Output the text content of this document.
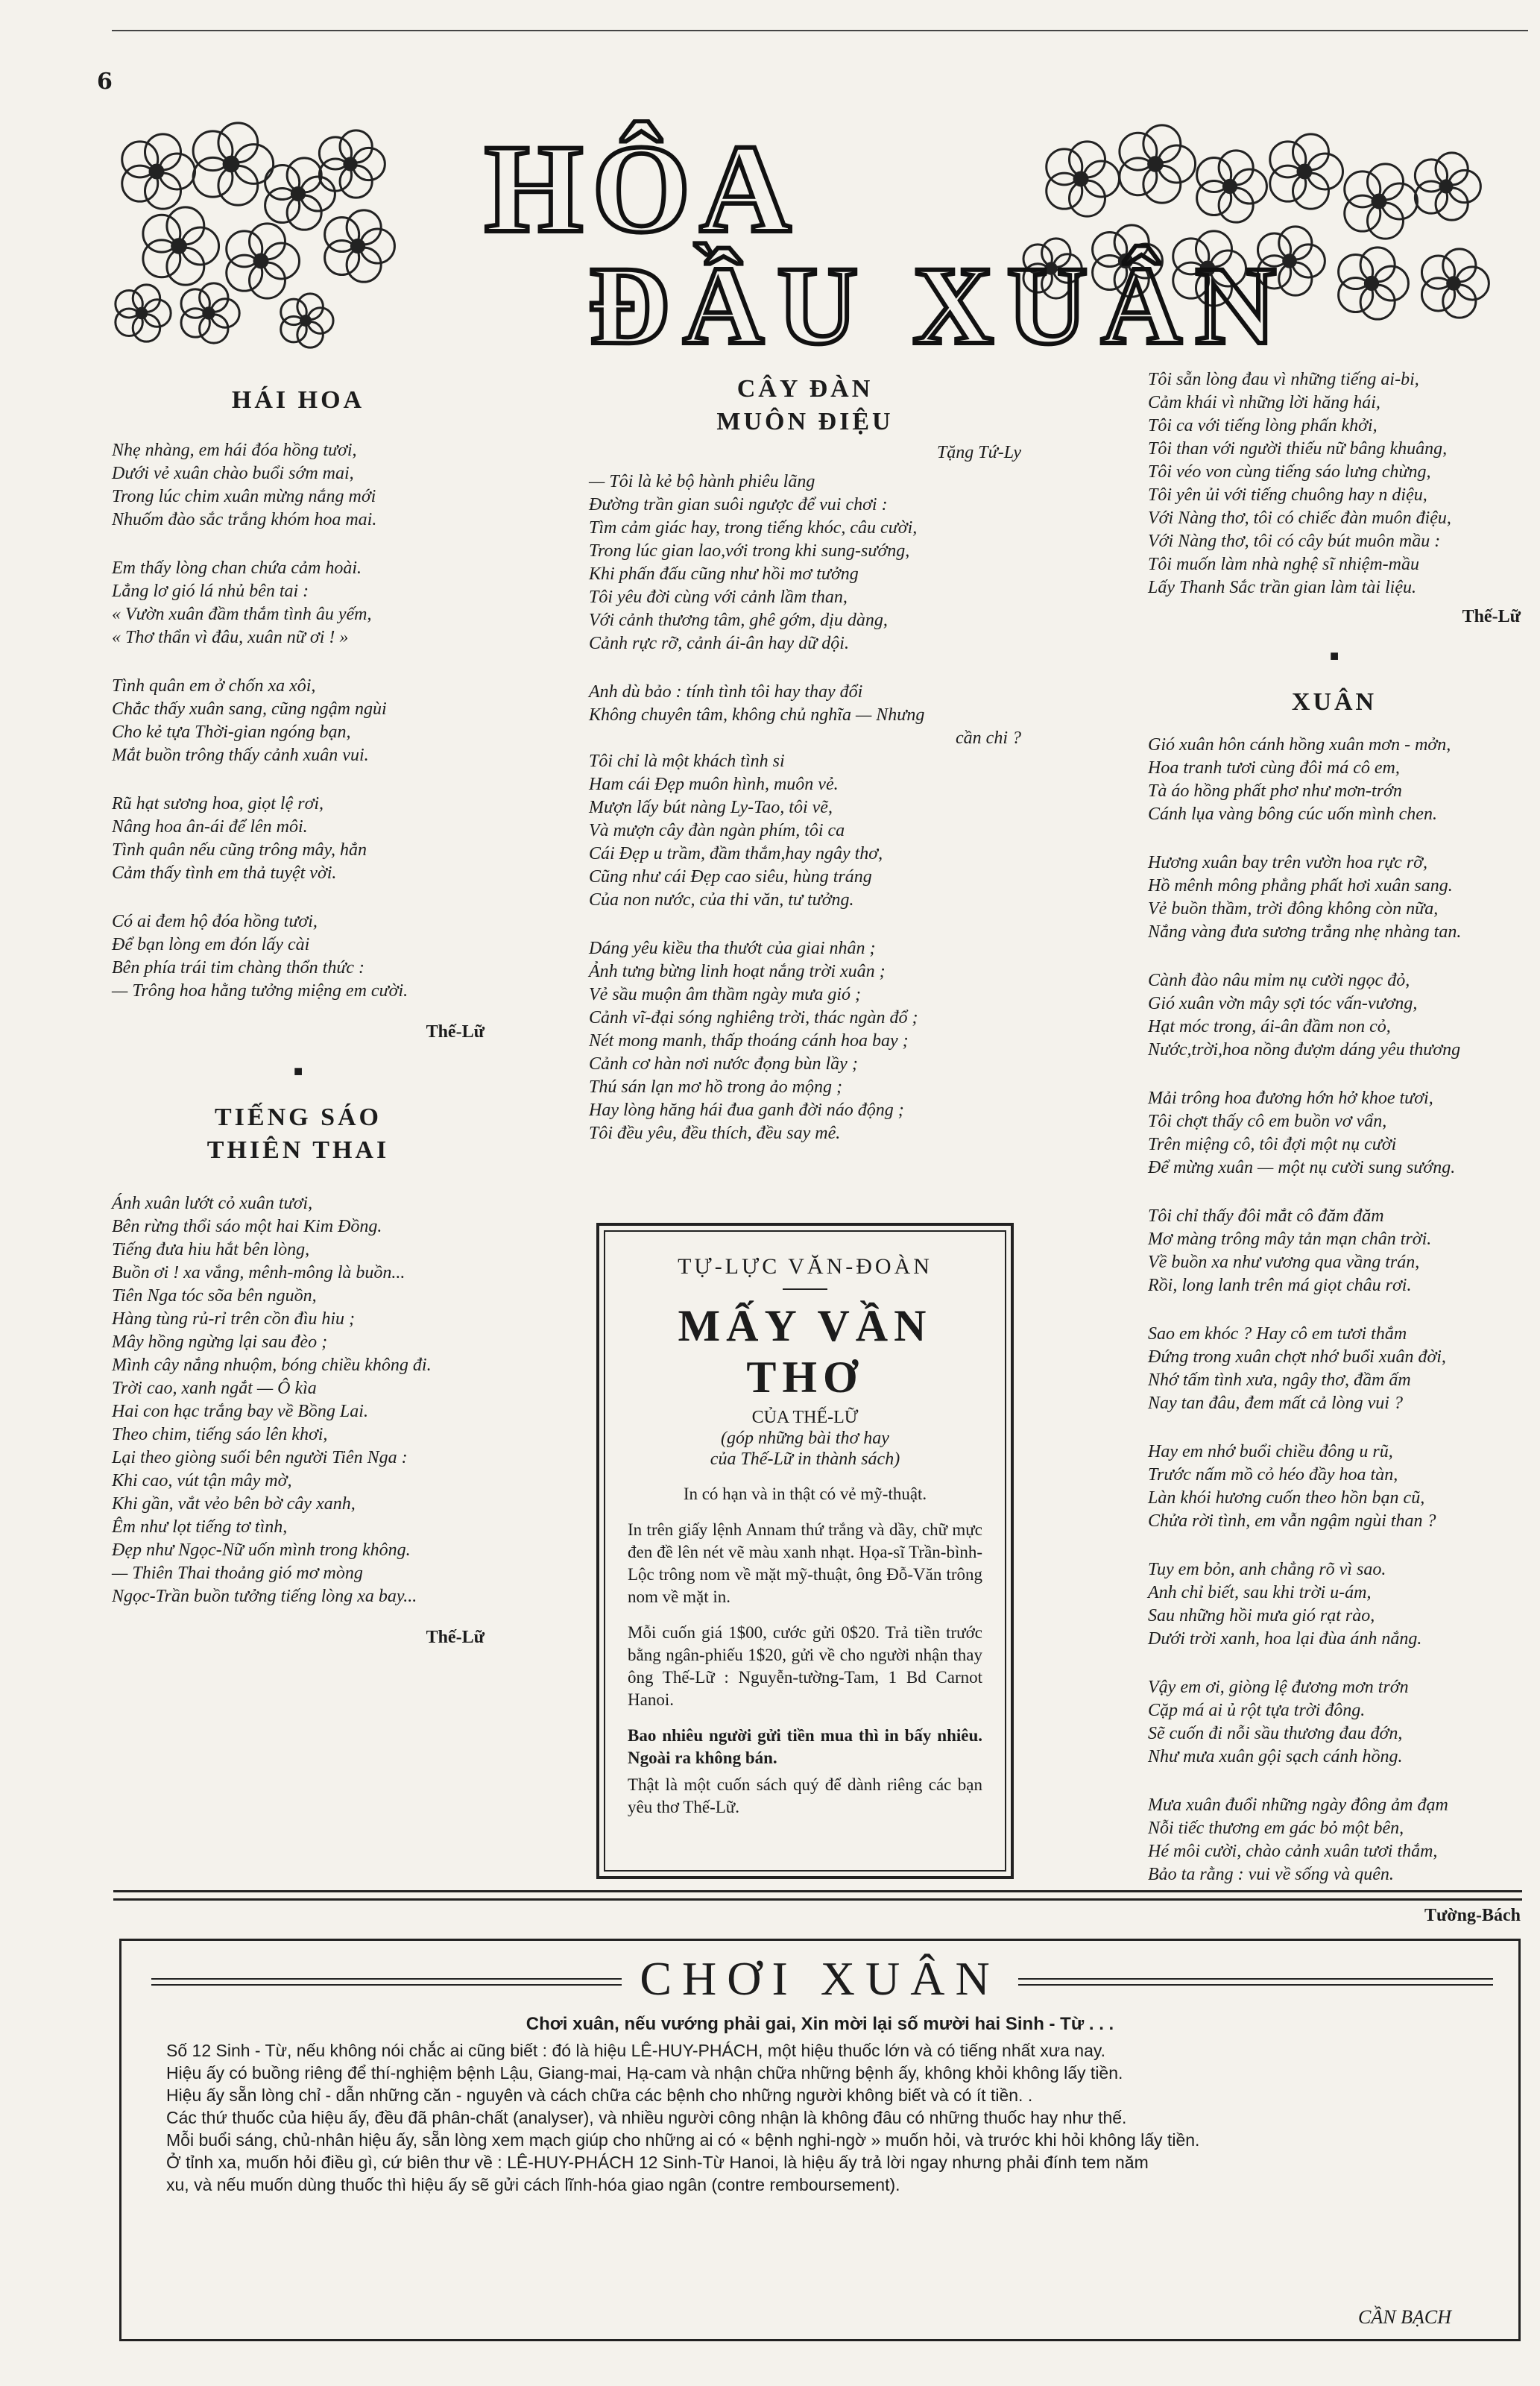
6
HÔA
ĐẦU XUÂN
HÁI HOA
Nhẹ nhàng, em hái đóa hồng tươi,
Dưới vẻ xuân chào buổi sớm mai,
Trong lúc chim xuân mừng nắng mới
Nhuốm đào sắc trắng khóm hoa mai.
Em thấy lòng chan chứa cảm hoài.
Lẳng lơ gió lá nhủ bên tai :
« Vườn xuân đầm thắm tình âu yếm,
« Thơ thẩn vì đâu, xuân nữ ơi ! »
Tình quân em ở chốn xa xôi,
Chắc thấy xuân sang, cũng ngậm ngùi
Cho kẻ tựa Thời-gian ngóng bạn,
Mắt buồn trông thấy cảnh xuân vui.
Rũ hạt sương hoa, giọt lệ rơi,
Nâng hoa ân-ái để lên môi.
Tình quân nếu cũng trông mây, hẳn
Cảm thấy tình em thả tuyệt vời.
Có ai đem hộ đóa hồng tươi,
Để bạn lòng em đón lấy cài
Bên phía trái tim chàng thổn thức :
— Trông hoa hằng tưởng miệng em cười.
Thế-Lữ
■
TIẾNG SÁO
THIÊN THAI
Ánh xuân lướt cỏ xuân tươi,
Bên rừng thổi sáo một hai Kim Đồng.
Tiếng đưa hiu hắt bên lòng,
Buồn ơi ! xa vắng, mênh-mông là buồn...
Tiên Nga tóc sõa bên nguồn,
Hàng tùng rủ-rỉ trên cồn đìu hiu ;
Mây hồng ngừng lại sau đèo ;
Mình cây nắng nhuộm, bóng chiều không đi.
Trời cao, xanh ngắt — Ô kìa
Hai con hạc trắng bay về Bồng Lai.
Theo chim, tiếng sáo lên khơi,
Lại theo giòng suối bên người Tiên Nga :
Khi cao, vút tận mây mờ,
Khi gần, vắt vẻo bên bờ cây xanh,
Êm như lọt tiếng tơ tình,
Đẹp như Ngọc-Nữ uốn mình trong không.
— Thiên Thai thoảng gió mơ mòng
Ngọc-Trần buồn tưởng tiếng lòng xa bay...
Thế-Lữ
CÂY ĐÀN
MUÔN ĐIỆU
Tặng Tứ-Ly
— Tôi là kẻ bộ hành phiêu lãng
Đường trần gian suôi ngược để vui chơi :
Tìm cảm giác hay, trong tiếng khóc, câu cười,
Trong lúc gian lao,với trong khi sung-sướng,
Khi phấn đấu cũng như hồi mơ tưởng
Tôi yêu đời cùng với cảnh lầm than,
Với cảnh thương tâm, ghê gớm, dịu dàng,
Cảnh rực rỡ, cảnh ái-ân hay dữ dội.
Anh dù bảo : tính tình tôi hay thay đổi
Không chuyên tâm, không chủ nghĩa — Nhưng
cần chi ?
Tôi chỉ là một khách tình si
Ham cái Đẹp muôn hình, muôn vẻ.
Mượn lấy bút nàng Ly-Tao, tôi vẽ,
Và mượn cây đàn ngàn phím, tôi ca
Cái Đẹp u trầm, đầm thắm,hay ngây thơ,
Cũng như cái Đẹp cao siêu, hùng tráng
Của non nước, của thi văn, tư tưởng.
Dáng yêu kiều tha thướt của giai nhân ;
Ảnh tưng bừng linh hoạt nắng trời xuân ;
Vẻ sầu muộn âm thầm ngày mưa gió ;
Cảnh vĩ-đại sóng nghiêng trời, thác ngàn đổ ;
Nét mong manh, thấp thoáng cánh hoa bay ;
Cảnh cơ hàn nơi nước đọng bùn lầy ;
Thú sán lạn mơ hồ trong ảo mộng ;
Hay lòng hăng hái đua ganh đời náo động ;
Tôi đều yêu, đều thích, đều say mê.
TỰ-LỰC VĂN-ĐOÀN
MẤY VẦN THƠ
CỦA THẾ-LỮ
(góp những bài thơ hay
của Thế-Lữ in thành sách)
In có hạn và in thật có vẻ mỹ-thuật.
In trên giấy lệnh Annam thứ trắng và dầy, chữ mực đen đề lên nét vẽ màu xanh nhạt. Họa-sĩ Trần-bình-Lộc trông nom về mặt mỹ-thuật, ông Đỗ-Văn trông nom về mặt in.
Mỗi cuốn giá 1$00, cước gửi 0$20. Trả tiền trước bằng ngân-phiếu 1$20, gửi về cho người nhận thay ông Thế-Lữ : Nguyễn-tường-Tam, 1 Bd Carnot Hanoi.
Bao nhiêu người gửi tiền mua thì in bấy nhiêu. Ngoài ra không bán.
Thật là một cuốn sách quý để dành riêng các bạn yêu thơ Thế-Lữ.
Tôi sẵn lòng đau vì những tiếng ai-bi,
Cảm khái vì những lời hăng hái,
Tôi ca với tiếng lòng phấn khởi,
Tôi than với người thiếu nữ bâng khuâng,
Tôi véo von cùng tiếng sáo lưng chừng,
Tôi yên ủi với tiếng chuông hay n diệu,
Với Nàng thơ, tôi có chiếc đàn muôn điệu,
Với Nàng thơ, tôi có cây bút muôn mầu :
Tôi muốn làm nhà nghệ sĩ nhiệm-mầu
Lấy Thanh Sắc trần gian làm tài liệu.
Thế-Lữ
■
XUÂN
Gió xuân hôn cánh hồng xuân mơn - mởn,
Hoa tranh tươi cùng đôi má cô em,
Tà áo hồng phất phơ như mơn-trớn
Cánh lụa vàng bông cúc uốn mình chen.
Hương xuân bay trên vườn hoa rực rỡ,
Hồ mênh mông phẳng phất hơi xuân sang.
Vẻ buồn thầm, trời đông không còn nữa,
Nắng vàng đưa sương trắng nhẹ nhàng tan.
Cành đào nâu mỉm nụ cười ngọc đỏ,
Gió xuân vờn mây sợi tóc vấn-vương,
Hạt móc trong, ái-ân đầm non cỏ,
Nước,trời,hoa nồng đượm dáng yêu thương
Mải trông hoa đương hớn hở khoe tươi,
Tôi chợt thấy cô em buồn vơ vẩn,
Trên miệng cô, tôi đợi một nụ cười
Để mừng xuân — một nụ cười sung sướng.
Tôi chỉ thấy đôi mắt cô đăm đăm
Mơ màng trông mây tản mạn chân trời.
Về buồn xa như vương qua vầng trán,
Rồi, long lanh trên má giọt châu rơi.
Sao em khóc ? Hay cô em tươi thắm
Đứng trong xuân chợt nhớ buổi xuân đời,
Nhớ tấm tình xưa, ngây thơ, đầm ấm
Nay tan đâu, đem mất cả lòng vui ?
Hay em nhớ buổi chiều đông u rũ,
Trước nấm mồ cỏ héo đầy hoa tàn,
Làn khói hương cuốn theo hồn bạn cũ,
Chửa rời tình, em vẫn ngậm ngùi than ?
Tuy em bỏn, anh chẳng rõ vì sao.
Anh chỉ biết, sau khi trời u-ám,
Sau những hồi mưa gió rạt rào,
Dưới trời xanh, hoa lại đùa ánh nắng.
Vậy em ơi, giòng lệ đương mơn trớn
Cặp má ai ủ rột tựa trời đông.
Sẽ cuốn đi nỗi sầu thương đau đớn,
Như mưa xuân gội sạch cánh hồng.
Mưa xuân đuổi những ngày đông ảm đạm
Nỗi tiếc thương em gác bỏ một bên,
Hé môi cười, chào cảnh xuân tươi thắm,
Bảo ta rằng : vui về sống và quên.
Tường-Bách
CHƠI XUÂN
Chơi xuân, nếu vướng phải gai, Xin mời lại số mười hai Sinh - Từ . . .

Số 12 Sinh - Từ, nếu không nói chắc ai cũng biết : đó là hiệu LÊ-HUY-PHÁCH, một hiệu thuốc lớn và có tiếng nhất xưa nay.

Hiệu ấy có buồng riêng để thí-nghiệm bệnh Lậu, Giang-mai, Hạ-cam và nhận chữa những bệnh ấy, không khỏi không lấy tiền.

Hiệu ấy sẵn lòng chỉ - dẫn những căn - nguyên và cách chữa các bệnh cho những người không biết và có ít tiền. .

Các thứ thuốc của hiệu ấy, đều đã phân-chất (analyser), và nhiều người công nhận là không đâu có những thuốc hay như thế.

Mỗi buổi sáng, chủ-nhân hiệu ấy, sẵn lòng xem mạch giúp cho những ai có « bệnh nghi-ngờ » muốn hỏi, và trước khi hỏi không lấy tiền.

Ở tỉnh xa, muốn hỏi điều gì, cứ biên thư về : LÊ-HUY-PHÁCH 12 Sinh-Từ Hanoi, là hiệu ấy trả lời ngay nhưng phải đính tem năm

xu, và nếu muốn dùng thuốc thì hiệu ấy sẽ gửi cách lĩnh-hóa giao ngân (contre remboursement).

CẦN BẠCH
